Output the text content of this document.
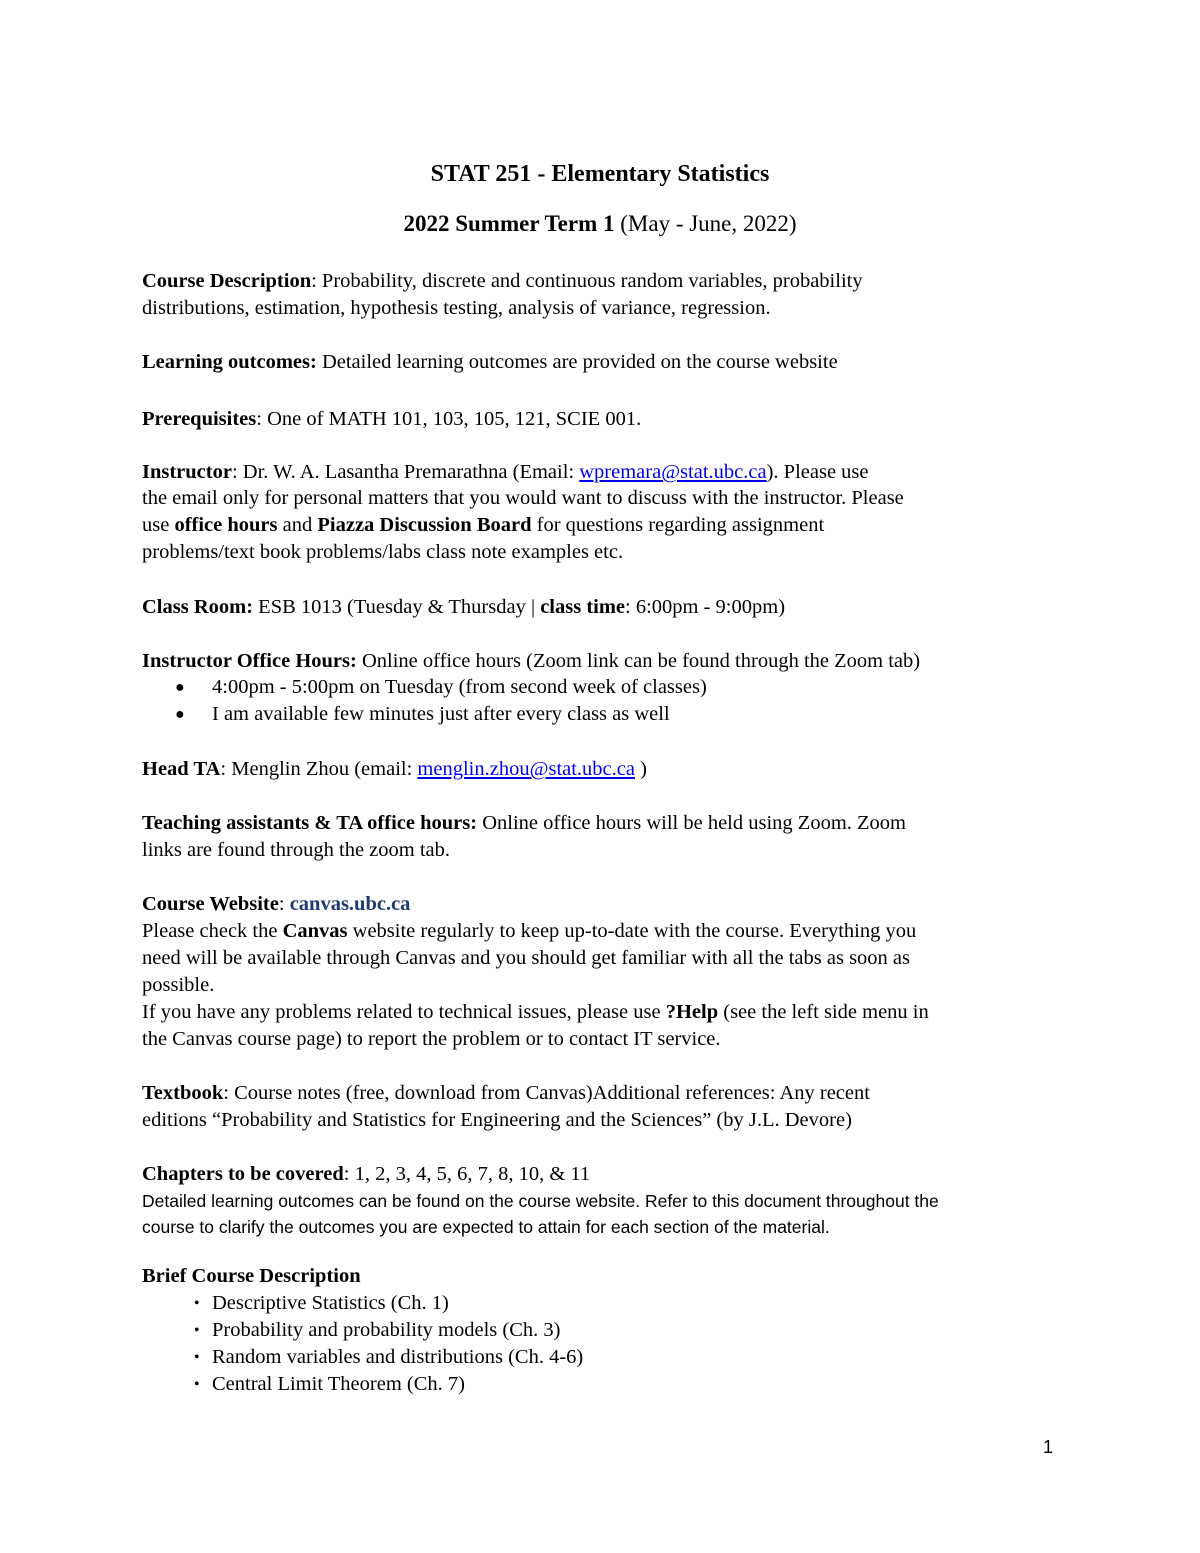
STAT 251 - Elementary Statistics
2022 Summer Term 1 (May - June, 2022)
Course Description: Probability, discrete and continuous random variables, probability
distributions, estimation, hypothesis testing, analysis of variance, regression.
Learning outcomes: Detailed learning outcomes are provided on the course website
Prerequisites: One of MATH 101, 103, 105, 121, SCIE 001.
Instructor: Dr. W. A. Lasantha Premarathna (Email: wpremara@stat.ubc.ca). Please use
the email only for personal matters that you would want to discuss with the instructor. Please
use office hours and Piazza Discussion Board for questions regarding assignment
problems/text book problems/labs class note examples etc.
Class Room: ESB 1013 (Tuesday & Thursday | class time: 6:00pm - 9:00pm)
Instructor Office Hours: Online office hours (Zoom link can be found through the Zoom tab)
● 4:00pm - 5:00pm on Tuesday (from second week of classes)
● I am available few minutes just after every class as well
Head TA: Menglin Zhou (email: menglin.zhou@stat.ubc.ca )
Teaching assistants & TA office hours: Online office hours will be held using Zoom. Zoom
links are found through the zoom tab.
Course Website: canvas.ubc.ca
Please check the Canvas website regularly to keep up-to-date with the course. Everything you
need will be available through Canvas and you should get familiar with all the tabs as soon as
possible.
If you have any problems related to technical issues, please use ?Help (see the left side menu in
the Canvas course page) to report the problem or to contact IT service.
Textbook: Course notes (free, download from Canvas)Additional references: Any recent
editions “Probability and Statistics for Engineering and the Sciences” (by J.L. Devore)
Chapters to be covered: 1, 2, 3, 4, 5, 6, 7, 8, 10, & 11
Detailed learning outcomes can be found on the course website. Refer to this document throughout the
course to clarify the outcomes you are expected to attain for each section of the material.
Brief Course Description
• Descriptive Statistics (Ch. 1)
• Probability and probability models (Ch. 3)
• Random variables and distributions (Ch. 4-6)
• Central Limit Theorem (Ch. 7)
1
